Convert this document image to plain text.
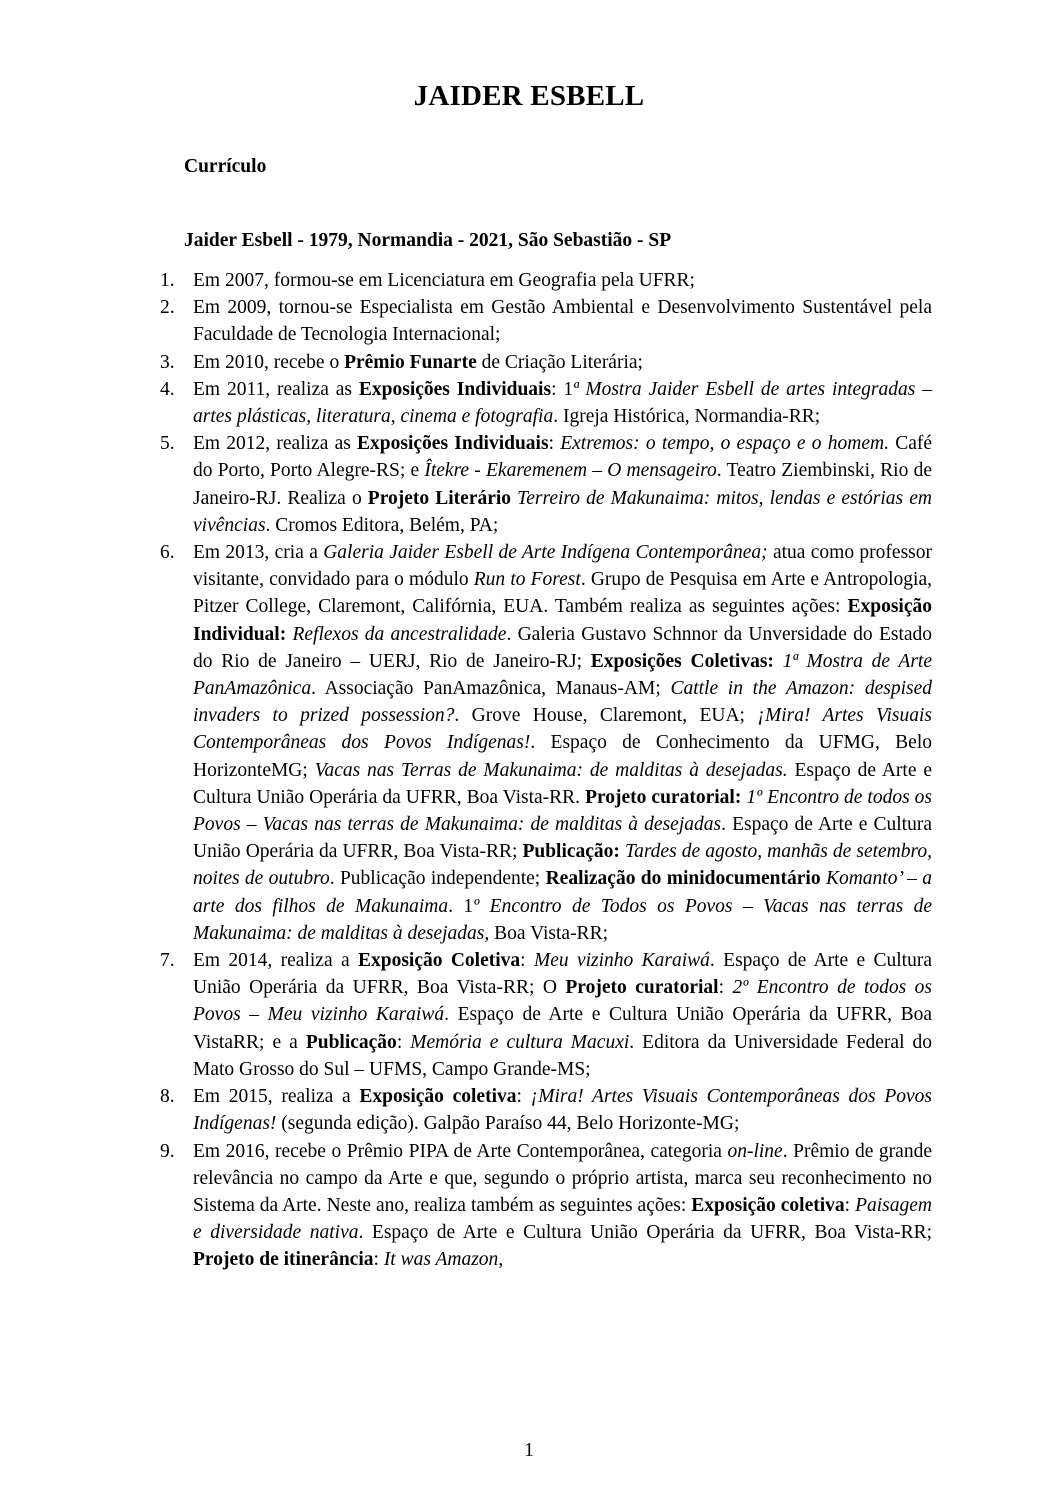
JAIDER ESBELL
Currículo
Jaider Esbell - 1979, Normandia - 2021, São Sebastião - SP
1. Em 2007, formou-se em Licenciatura em Geografia pela UFRR;
2. Em 2009, tornou-se Especialista em Gestão Ambiental e Desenvolvimento Sustentável pela Faculdade de Tecnologia Internacional;
3. Em 2010, recebe o Prêmio Funarte de Criação Literária;
4. Em 2011, realiza as Exposições Individuais: 1ª Mostra Jaider Esbell de artes integradas – artes plásticas, literatura, cinema e fotografia. Igreja Histórica, Normandia-RR;
5. Em 2012, realiza as Exposições Individuais: Extremos: o tempo, o espaço e o homem. Café do Porto, Porto Alegre-RS; e Îtekre - Ekaremenem – O mensageiro. Teatro Ziembinski, Rio de Janeiro-RJ. Realiza o Projeto Literário Terreiro de Makunaima: mitos, lendas e estórias em vivências. Cromos Editora, Belém, PA;
6. Em 2013, cria a Galeria Jaider Esbell de Arte Indígena Contemporânea; atua como professor visitante, convidado para o módulo Run to Forest. Grupo de Pesquisa em Arte e Antropologia, Pitzer College, Claremont, Califórnia, EUA. Também realiza as seguintes ações: Exposição Individual: Reflexos da ancestralidade. Galeria Gustavo Schnnor da Unversidade do Estado do Rio de Janeiro – UERJ, Rio de Janeiro-RJ; Exposições Coletivas: 1ª Mostra de Arte PanAmazônica. Associação PanAmazônica, Manaus-AM; Cattle in the Amazon: despised invaders to prized possession?. Grove House, Claremont, EUA; ¡Mira! Artes Visuais Contemporâneas dos Povos Indígenas!. Espaço de Conhecimento da UFMG, Belo HorizonteMG; Vacas nas Terras de Makunaima: de malditas à desejadas. Espaço de Arte e Cultura União Operária da UFRR, Boa Vista-RR. Projeto curatorial: 1º Encontro de todos os Povos – Vacas nas terras de Makunaima: de malditas à desejadas. Espaço de Arte e Cultura União Operária da UFRR, Boa Vista-RR; Publicação: Tardes de agosto, manhãs de setembro, noites de outubro. Publicação independente; Realização do minidocumentário Komanto’ – a arte dos filhos de Makunaima. 1º Encontro de Todos os Povos – Vacas nas terras de Makunaima: de malditas à desejadas, Boa Vista-RR;
7. Em 2014, realiza a Exposição Coletiva: Meu vizinho Karaiwá. Espaço de Arte e Cultura União Operária da UFRR, Boa Vista-RR; O Projeto curatorial: 2º Encontro de todos os Povos – Meu vizinho Karaiwá. Espaço de Arte e Cultura União Operária da UFRR, Boa VistaRR; e a Publicação: Memória e cultura Macuxi. Editora da Universidade Federal do Mato Grosso do Sul – UFMS, Campo Grande-MS;
8. Em 2015, realiza a Exposição coletiva: ¡Mira! Artes Visuais Contemporâneas dos Povos Indígenas! (segunda edição). Galpão Paraíso 44, Belo Horizonte-MG;
9. Em 2016, recebe o Prêmio PIPA de Arte Contemporânea, categoria on-line. Prêmio de grande relevância no campo da Arte e que, segundo o próprio artista, marca seu reconhecimento no Sistema da Arte. Neste ano, realiza também as seguintes ações: Exposição coletiva: Paisagem e diversidade nativa. Espaço de Arte e Cultura União Operária da UFRR, Boa Vista-RR; Projeto de itinerância: It was Amazon,
1
